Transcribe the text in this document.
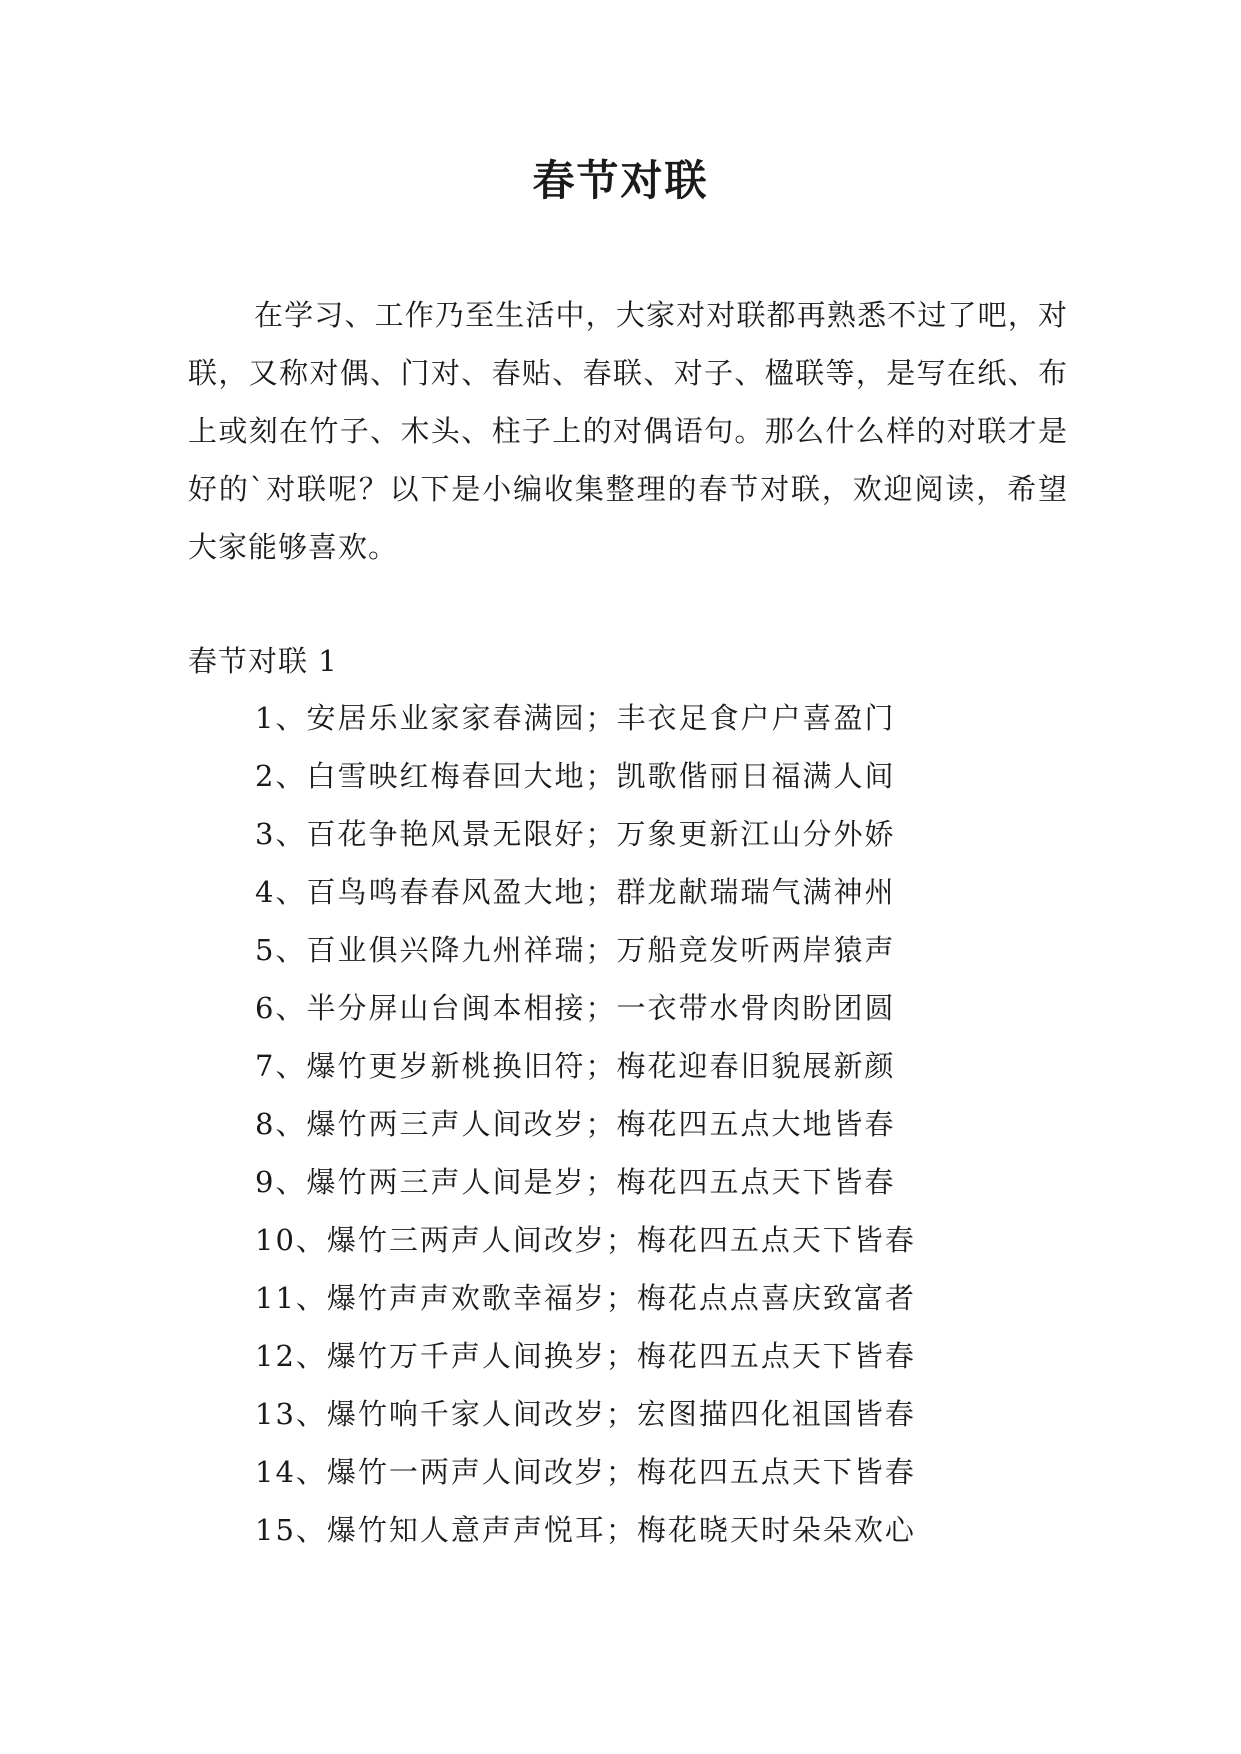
春节对联

在学习、工作乃至生活中，大家对对联都再熟悉不过了吧，对联，又称对偶、门对、春贴、春联、对子、楹联等，是写在纸、布上或刻在竹子、木头、柱子上的对偶语句。那么什么样的对联才是好的`对联呢？以下是小编收集整理的春节对联，欢迎阅读，希望大家能够喜欢。

春节对联 1
1、安居乐业家家春满园；丰衣足食户户喜盈门
2、白雪映红梅春回大地；凯歌偕丽日福满人间
3、百花争艳风景无限好；万象更新江山分外娇
4、百鸟鸣春春风盈大地；群龙献瑞瑞气满神州
5、百业俱兴降九州祥瑞；万船竞发听两岸猿声
6、半分屏山台闽本相接；一衣带水骨肉盼团圆
7、爆竹更岁新桃换旧符；梅花迎春旧貌展新颜
8、爆竹两三声人间改岁；梅花四五点大地皆春
9、爆竹两三声人间是岁；梅花四五点天下皆春
10、爆竹三两声人间改岁；梅花四五点天下皆春
11、爆竹声声欢歌幸福岁；梅花点点喜庆致富者
12、爆竹万千声人间换岁；梅花四五点天下皆春
13、爆竹响千家人间改岁；宏图描四化祖国皆春
14、爆竹一两声人间改岁；梅花四五点天下皆春
15、爆竹知人意声声悦耳；梅花晓天时朵朵欢心
